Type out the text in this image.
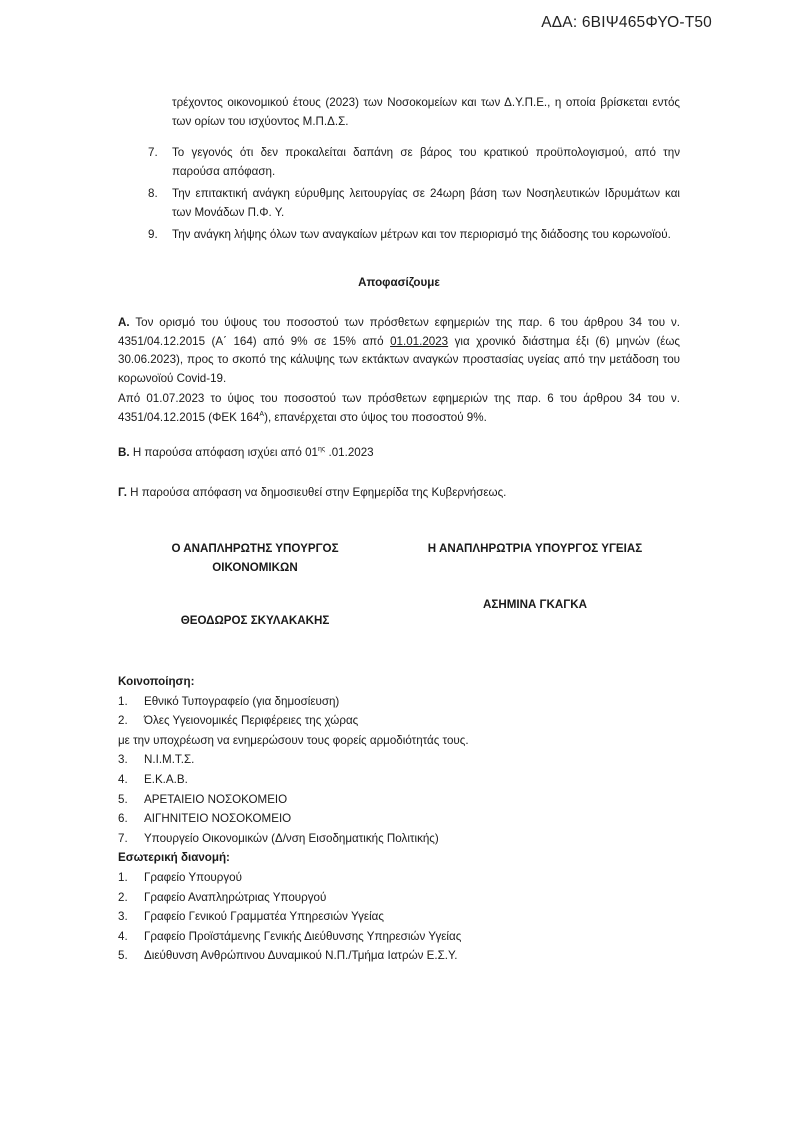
ΑΔΑ: 6ΒΙΨ465ΦΥΟ-Τ50
τρέχοντος οικονομικού έτους (2023) των Νοσοκομείων και των Δ.Υ.Π.Ε., η οποία βρίσκεται εντός των ορίων του ισχύοντος Μ.Π.Δ.Σ.
7.	Το γεγονός ότι δεν προκαλείται δαπάνη σε βάρος του κρατικού προϋπολογισμού, από την παρούσα απόφαση.
8.	Την επιτακτική ανάγκη εύρυθμης λειτουργίας σε 24ωρη βάση των Νοσηλευτικών Ιδρυμάτων και των Μονάδων Π.Φ. Υ.
9.	Την ανάγκη λήψης όλων των αναγκαίων μέτρων και τον περιορισμό της διάδοσης του κορωνοϊού.
Αποφασίζουμε
Α. Τον ορισμό του ύψους του ποσοστού των πρόσθετων εφημεριών της παρ. 6 του άρθρου 34 του ν. 4351/04.12.2015 (Α΄ 164) από 9% σε 15% από 01.01.2023 για χρονικό διάστημα έξι (6) μηνών (έως 30.06.2023), προς το σκοπό της κάλυψης των εκτάκτων αναγκών προστασίας υγείας από την μετάδοση του κορωνοϊού Covid-19.
Από 01.07.2023 το ύψος του ποσοστού των πρόσθετων εφημεριών της παρ. 6 του άρθρου 34 του ν. 4351/04.12.2015 (ΦΕΚ $164^A$), επανέρχεται στο ύψος του ποσοστού 9%.
Β. Η παρούσα απόφαση ισχύει από $01^{\eta\varsigma}$ .01.2023
Γ. Η παρούσα απόφαση να δημοσιευθεί στην Εφημερίδα της Κυβερνήσεως.
Ο ΑΝΑΠΛΗΡΩΤΗΣ ΥΠΟΥΡΓΟΣ
ΟΙΚΟΝΟΜΙΚΩΝ
Η ΑΝΑΠΛΗΡΩΤΡΙΑ ΥΠΟΥΡΓΟΣ ΥΓΕΙΑΣ
ΑΣΗΜΙΝΑ ΓΚΑΓΚΑ
ΘΕΟΔΩΡΟΣ ΣΚΥΛΑΚΑΚΗΣ
Κοινοποίηση:
1.	Εθνικό Τυπογραφείο (για δημοσίευση)
2.	Όλες Υγειονομικές Περιφέρειες της χώρας
με την υποχρέωση να ενημερώσουν τους φορείς αρμοδιότητάς τους.
3.	Ν.Ι.Μ.Τ.Σ.
4.	Ε.Κ.Α.Β.
5.	ΑΡΕΤΑΙΕΙΟ ΝΟΣΟΚΟΜΕΙΟ
6.	ΑΙΓΗΝΙΤΕΙΟ ΝΟΣΟΚΟΜΕΙΟ
7.	Υπουργείο Οικονομικών (Δ/νση Εισοδηματικής Πολιτικής)
Εσωτερική διανομή:
1.	Γραφείο Υπουργού
2.	Γραφείο Αναπληρώτριας Υπουργού
3.	Γραφείο Γενικού Γραμματέα Υπηρεσιών Υγείας
4.	Γραφείο Προϊστάμενης Γενικής Διεύθυνσης Υπηρεσιών Υγείας
5.	Διεύθυνση Ανθρώπινου Δυναμικού Ν.Π./Τμήμα Ιατρών Ε.Σ.Υ.
